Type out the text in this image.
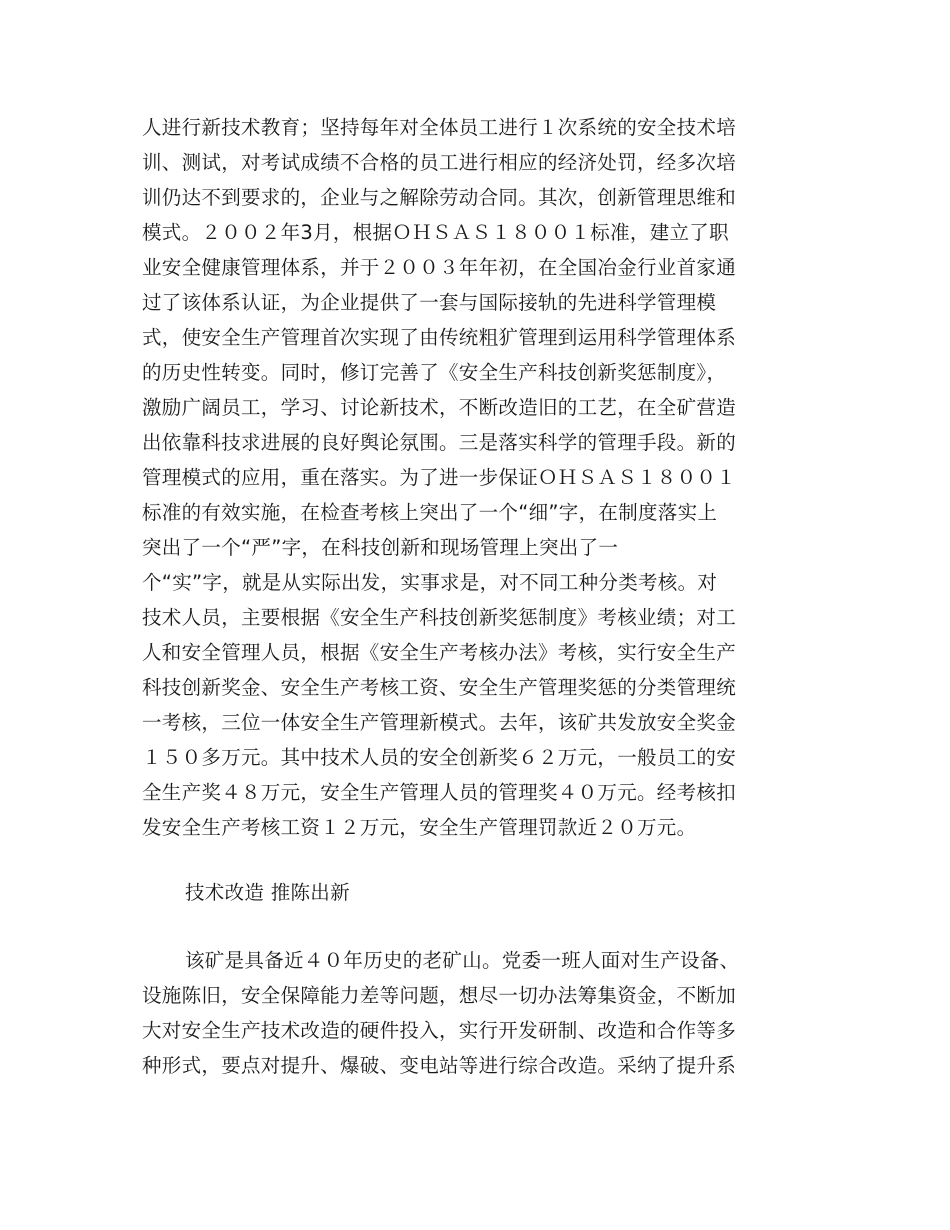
人进行新技术教育；坚持每年对全体员工进行１次系统的安全技术培
训、测试，对考试成绩不合格的员工进行相应的经济处罚，经多次培
训仍达不到要求的，企业与之解除劳动合同。其次，创新管理思维和
模式。２００２年3月，根据ＯＨＳＡＳ１８００１标准，建立了职
业安全健康管理体系，并于２００３年年初，在全国冶金行业首家通
过了该体系认证，为企业提供了一套与国际接轨的先进科学管理模
式，使安全生产管理首次实现了由传统粗犷管理到运用科学管理体系
的历史性转变。同时，修订完善了《安全生产科技创新奖惩制度》，
激励广阔员工，学习、讨论新技术，不断改造旧的工艺，在全矿营造
出依靠科技求进展的良好舆论氛围。三是落实科学的管理手段。新的
管理模式的应用，重在落实。为了进一步保证ＯＨＳＡＳ１８００１
标准的有效实施，在检查考核上突出了一个“细”字，在制度落实上
突出了一个“严”字，在科技创新和现场管理上突出了一
个“实”字，就是从实际出发，实事求是，对不同工种分类考核。对
技术人员，主要根据《安全生产科技创新奖惩制度》考核业绩；对工
人和安全管理人员，根据《安全生产考核办法》考核，实行安全生产
科技创新奖金、安全生产考核工资、安全生产管理奖惩的分类管理统
一考核，三位一体安全生产管理新模式。去年，该矿共发放安全奖金
１５０多万元。其中技术人员的安全创新奖６２万元，一般员工的安
全生产奖４８万元，安全生产管理人员的管理奖４０万元。经考核扣
发安全生产考核工资１２万元，安全生产管理罚款近２０万元。
技术改造 推陈出新
该矿是具备近４０年历史的老矿山。党委一班人面对生产设备、
设施陈旧，安全保障能力差等问题，想尽一切办法筹集资金，不断加
大对安全生产技术改造的硬件投入，实行开发研制、改造和合作等多
种形式，要点对提升、爆破、变电站等进行综合改造。采纳了提升系
